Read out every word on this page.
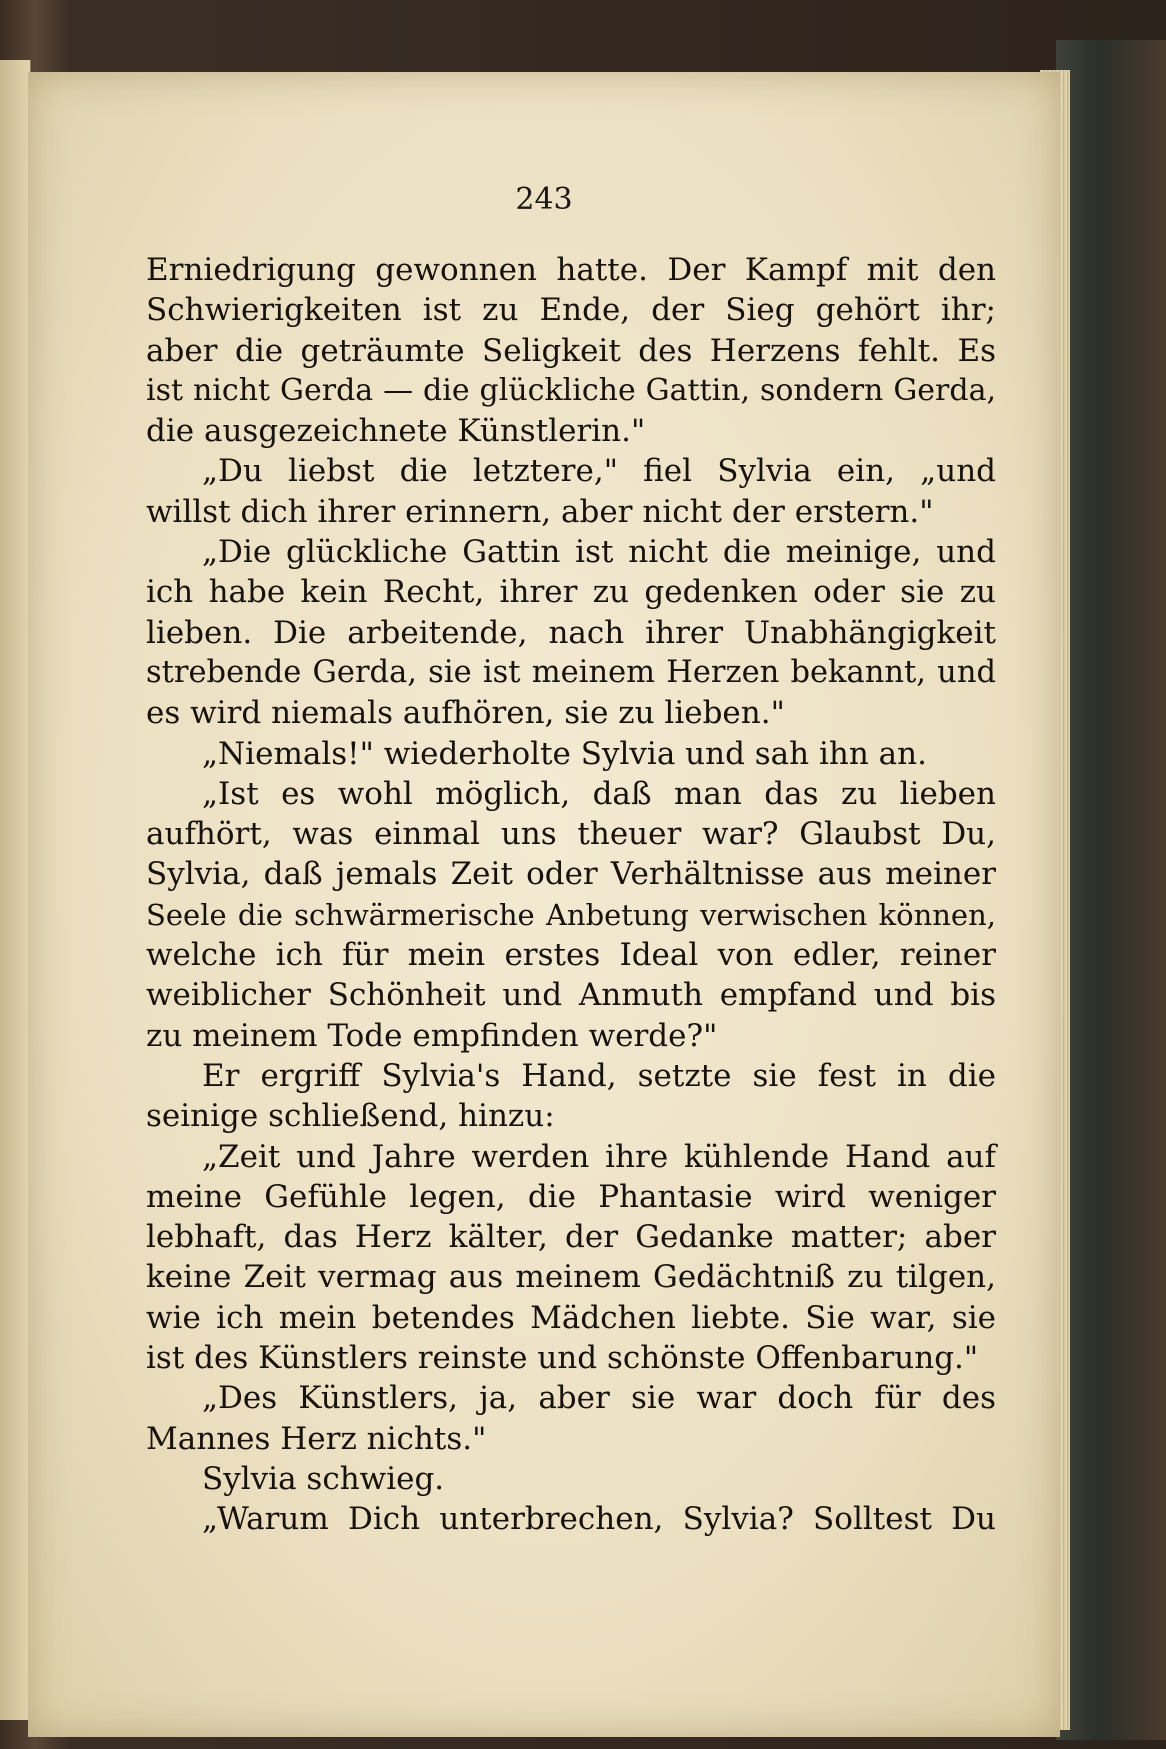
243
Erniedrigung gewonnen hatte. Der Kampf mit den
Schwierigkeiten ist zu Ende, der Sieg gehört ihr;
aber die geträumte Seligkeit des Herzens fehlt. Es
ist nicht Gerda — die glückliche Gattin, sondern Gerda,
die ausgezeichnete Künstlerin."
„Du liebst die letztere," fiel Sylvia ein, „und
willst dich ihrer erinnern, aber nicht der erstern."
„Die glückliche Gattin ist nicht die meinige, und
ich habe kein Recht, ihrer zu gedenken oder sie zu
lieben. Die arbeitende, nach ihrer Unabhängigkeit
strebende Gerda, sie ist meinem Herzen bekannt, und
es wird niemals aufhören, sie zu lieben."
„Niemals!" wiederholte Sylvia und sah ihn an.
„Ist es wohl möglich, daß man das zu lieben
aufhört, was einmal uns theuer war? Glaubst Du,
Sylvia, daß jemals Zeit oder Verhältnisse aus meiner
Seele die schwärmerische Anbetung verwischen können,
welche ich für mein erstes Ideal von edler, reiner
weiblicher Schönheit und Anmuth empfand und bis
zu meinem Tode empfinden werde?"
Er ergriff Sylvia's Hand, setzte sie fest in die
seinige schließend, hinzu:
„Zeit und Jahre werden ihre kühlende Hand auf
meine Gefühle legen, die Phantasie wird weniger
lebhaft, das Herz kälter, der Gedanke matter; aber
keine Zeit vermag aus meinem Gedächtniß zu tilgen,
wie ich mein betendes Mädchen liebte. Sie war, sie
ist des Künstlers reinste und schönste Offenbarung."
„Des Künstlers, ja, aber sie war doch für des
Mannes Herz nichts."
Sylvia schwieg.
„Warum Dich unterbrechen, Sylvia? Solltest Du
